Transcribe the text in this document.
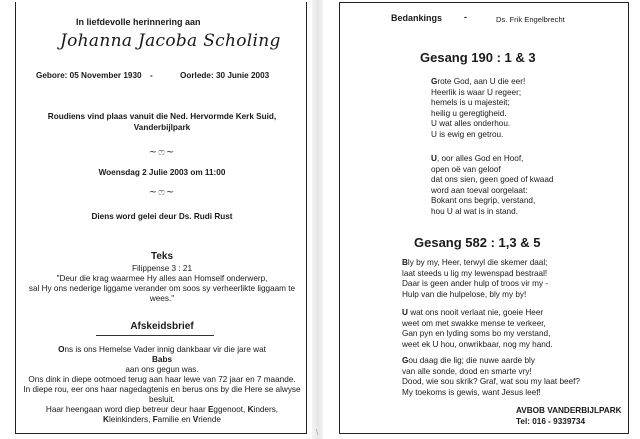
In liefdevolle herinnering aan
Johanna Jacoba Scholing
Gebore: 05 November 1930 -	Oorlede: 30 Junie 2003
Roudiens vind plaas vanuit die Ned. Hervormde Kerk Suid,
Vanderbijlpark
~ෆ~
Woensdag 2 Julie 2003 om 11:00
~ෆ~
Diens word gelei deur Ds. Rudi Rust
Teks
Filippense 3 : 21
"Deur die krag waarmee Hy alles aan Homself onderwerp,
sal Hy ons nederige liggame verander om soos sy verheerlikte liggaam te
wees."
Afskeidsbrief
Ons is ons Hemelse Vader innig dankbaar vir die jare wat
Babs
aan ons gegun was.
Ons dink in diepe ootmoed terug aan haar lewe van 72 jaar en 7 maande.
In diepe rou, eer ons haar nagedagtenis en berus ons by die Here se alwyse
besluit.
Haar heengaan word diep betreur deur haar Eggenoot, Kinders,
Kleinkinders, Familie en Vriende
\
Bedankings -	Ds. Frik Engelbrecht
Gesang 190 : 1 & 3
Grote God, aan U die eer!
Heerlik is waar U regeer;
hemels is u majesteit;
heilig u geregtigheid.
U wat alles onderhou.
U is ewig en getrou.
U, oor alles God en Hoof,
open oë van geloof
dat ons sien, geen goed of kwaad
word aan toeval oorgelaat:
Bokant ons begrip, verstand,
hou U al wat is in stand.
Gesang 582 : 1,3 & 5
Bly by my, Heer, terwyl die skemer daal;
laat steeds u lig my lewenspad bestraal!
Daar is geen ander hulp of troos vir my -
Hulp van die hulpelose, bly my by!
U wat ons nooit verlaat nie, goeie Heer
weet om met swakke mense te verkeer,
Gan pyn en lyding soms bo my verstand,
weet ek U hou, onwrikbaar, nog my hand.
Gou daag die lig; die nuwe aarde bly
van alle sonde, dood en smarte vry!
Dood, wie sou skrik? Graf, wat sou my laat beef?
My toekoms is gewis, want Jesus leef!
AVBOB VANDERBIJLPARK
Tel: 016 - 9339734
